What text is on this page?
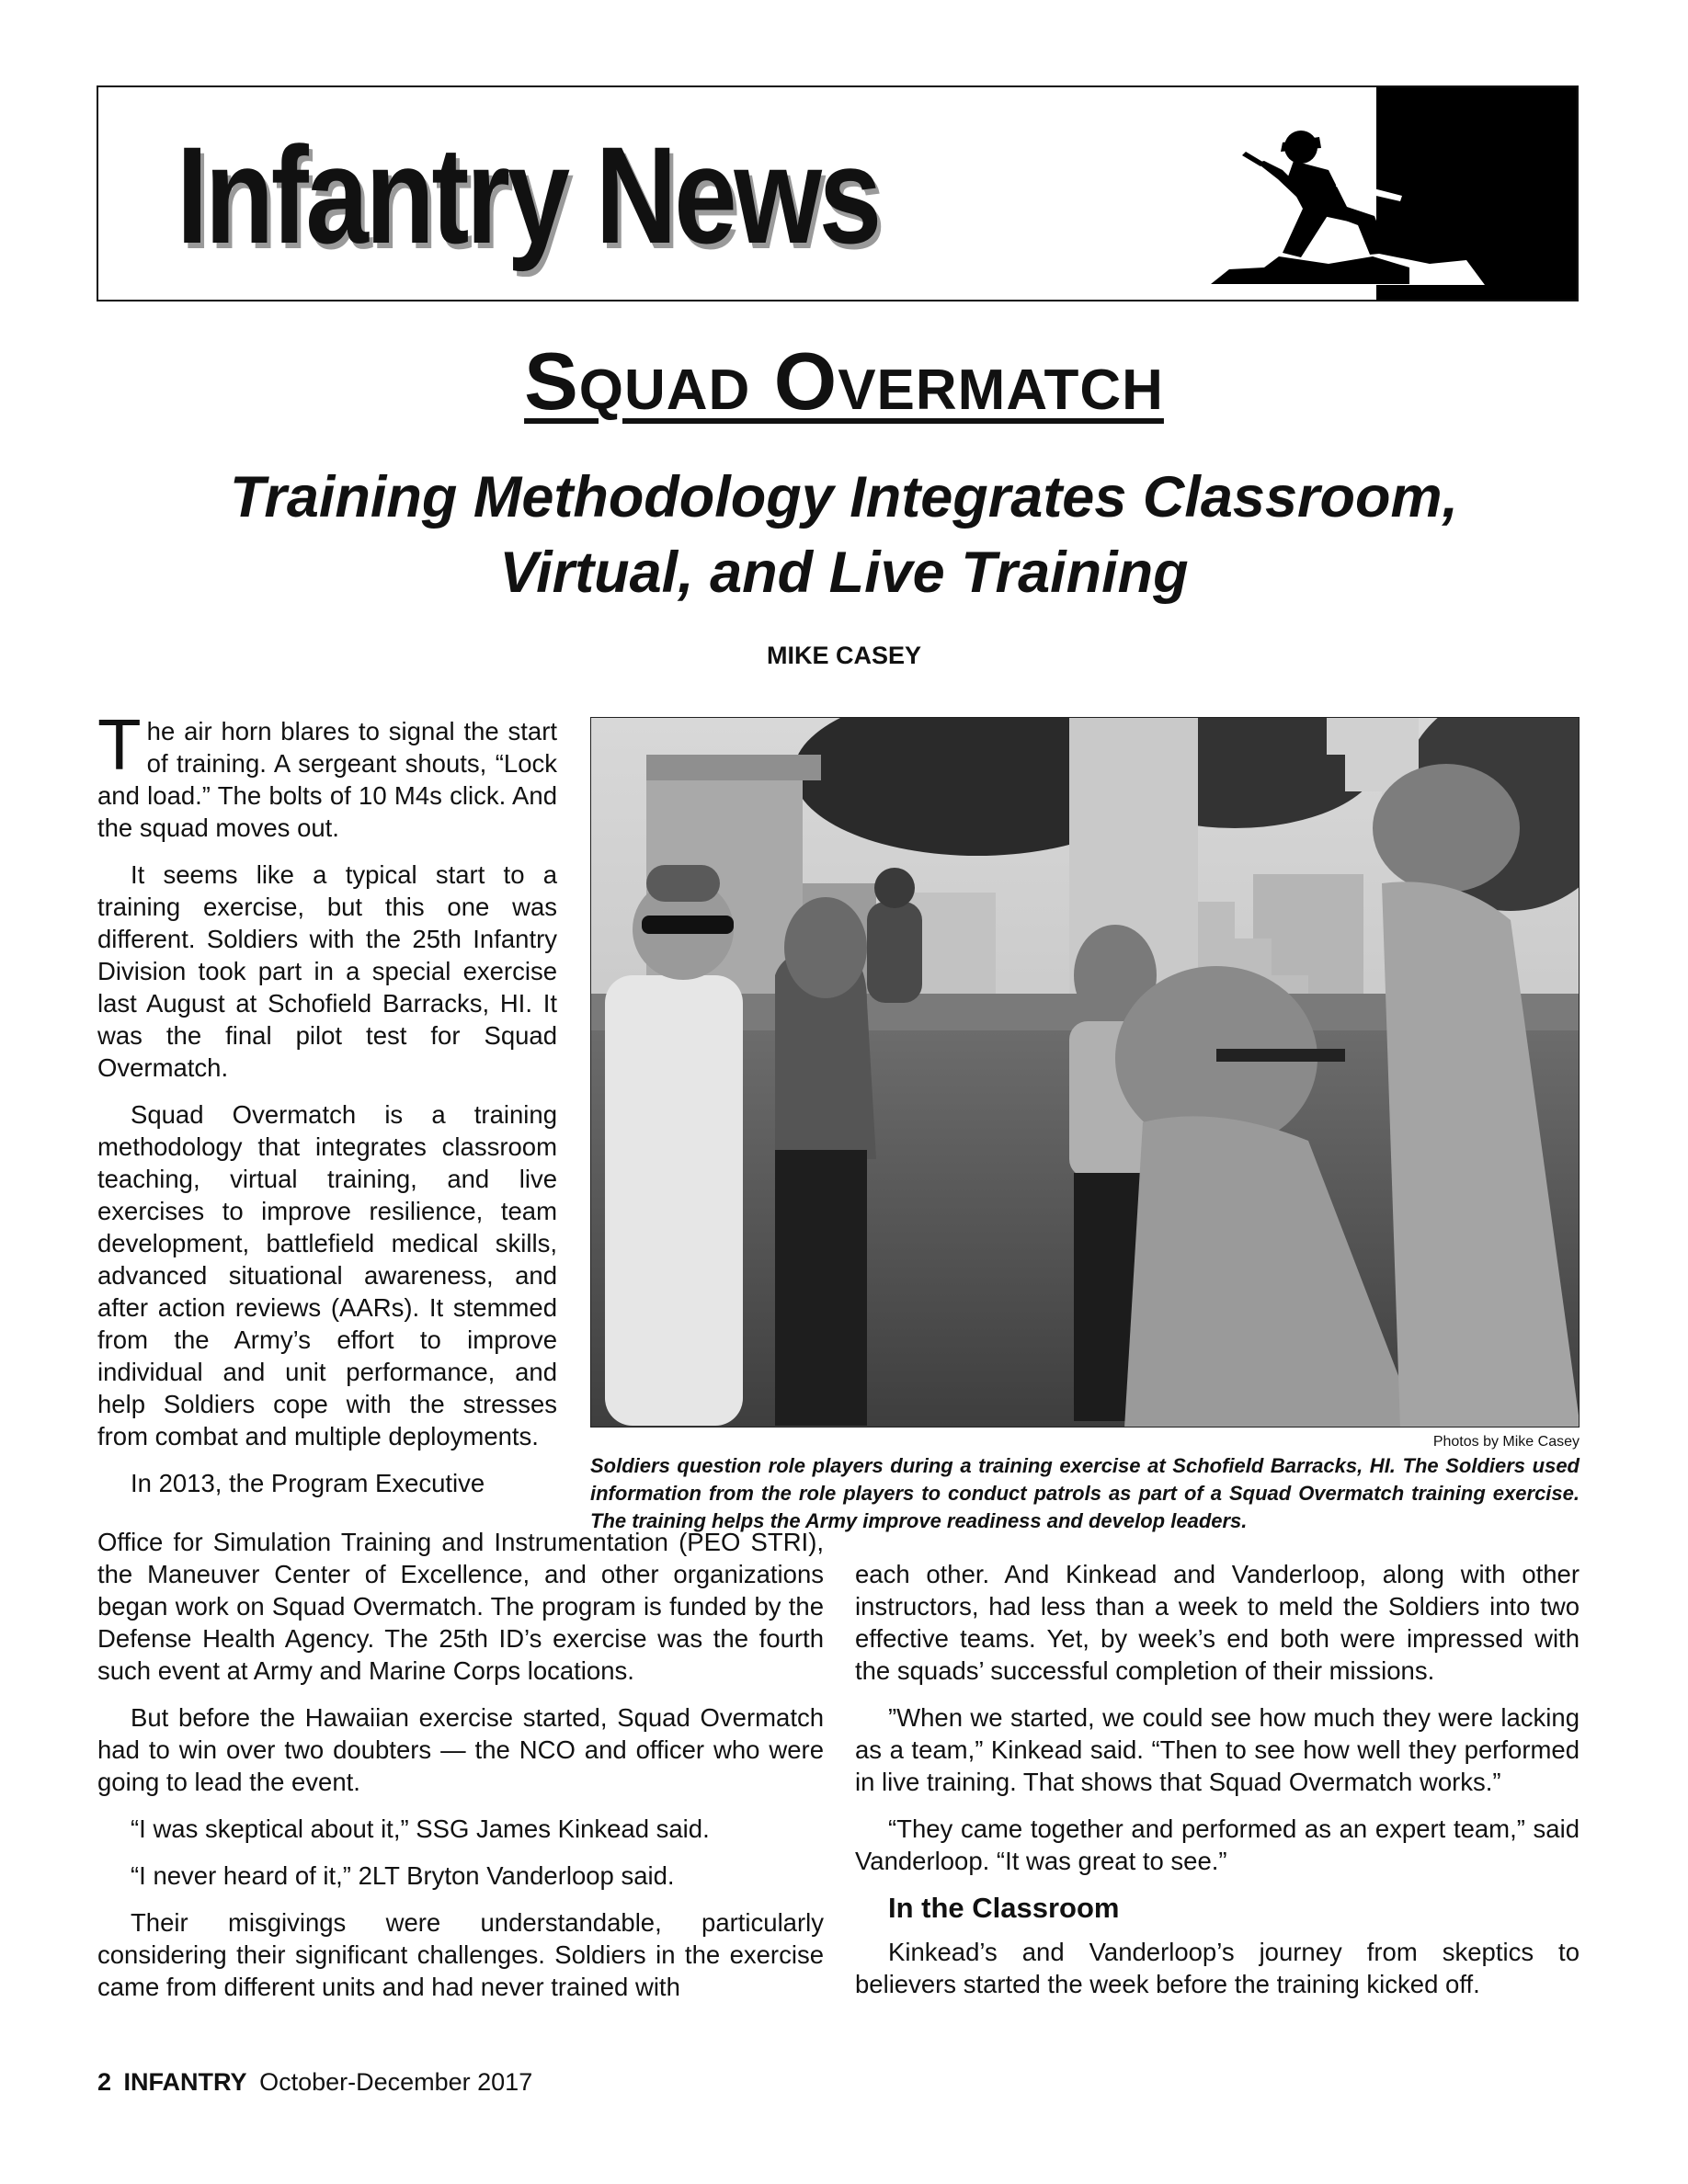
Infantry News
Squad Overmatch
Training Methodology Integrates Classroom,
Virtual, and Live Training
MIKE CASEY

The air horn blares to signal the start of training. A sergeant shouts, “Lock and load.” The bolts of 10 M4s click. And the squad moves out.

It seems like a typical start to a training exercise, but this one was different. Soldiers with the 25th Infantry Division took part in a special exercise last August at Schofield Barracks, HI. It was the final pilot test for Squad Overmatch.

Squad Overmatch is a training methodology that integrates classroom teaching, virtual training, and live exercises to improve resilience, team development, battlefield medical skills, advanced situational awareness, and after action reviews (AARs). It stemmed from the Army’s effort to improve individual and unit performance, and help Soldiers cope with the stresses from combat and multiple deployments.

In 2013, the Program Executive

Photos by Mike Casey
Soldiers question role players during a training exercise at Schofield Barracks, HI. The Soldiers used information from the role players to conduct patrols as part of a Squad Overmatch training exercise. The training helps the Army improve readiness and develop leaders.

Office for Simulation Training and Instrumentation (PEO STRI), the Maneuver Center of Excellence, and other organizations began work on Squad Overmatch. The program is funded by the Defense Health Agency. The 25th ID’s exercise was the fourth such event at Army and Marine Corps locations.

But before the Hawaiian exercise started, Squad Overmatch had to win over two doubters — the NCO and officer who were going to lead the event.

“I was skeptical about it,” SSG James Kinkead said.

“I never heard of it,” 2LT Bryton Vanderloop said.

Their misgivings were understandable, particularly considering their significant challenges. Soldiers in the exercise came from different units and had never trained with

each other. And Kinkead and Vanderloop, along with other instructors, had less than a week to meld the Soldiers into two effective teams. Yet, by week’s end both were impressed with the squads’ successful completion of their missions.

”When we started, we could see how much they were lacking as a team,” Kinkead said. “Then to see how well they performed in live training. That shows that Squad Overmatch works.”

“They came together and performed as an expert team,” said Vanderloop. “It was great to see.”

In the Classroom

Kinkead’s and Vanderloop’s journey from skeptics to believers started the week before the training kicked off.

2 INFANTRY October-December 2017
